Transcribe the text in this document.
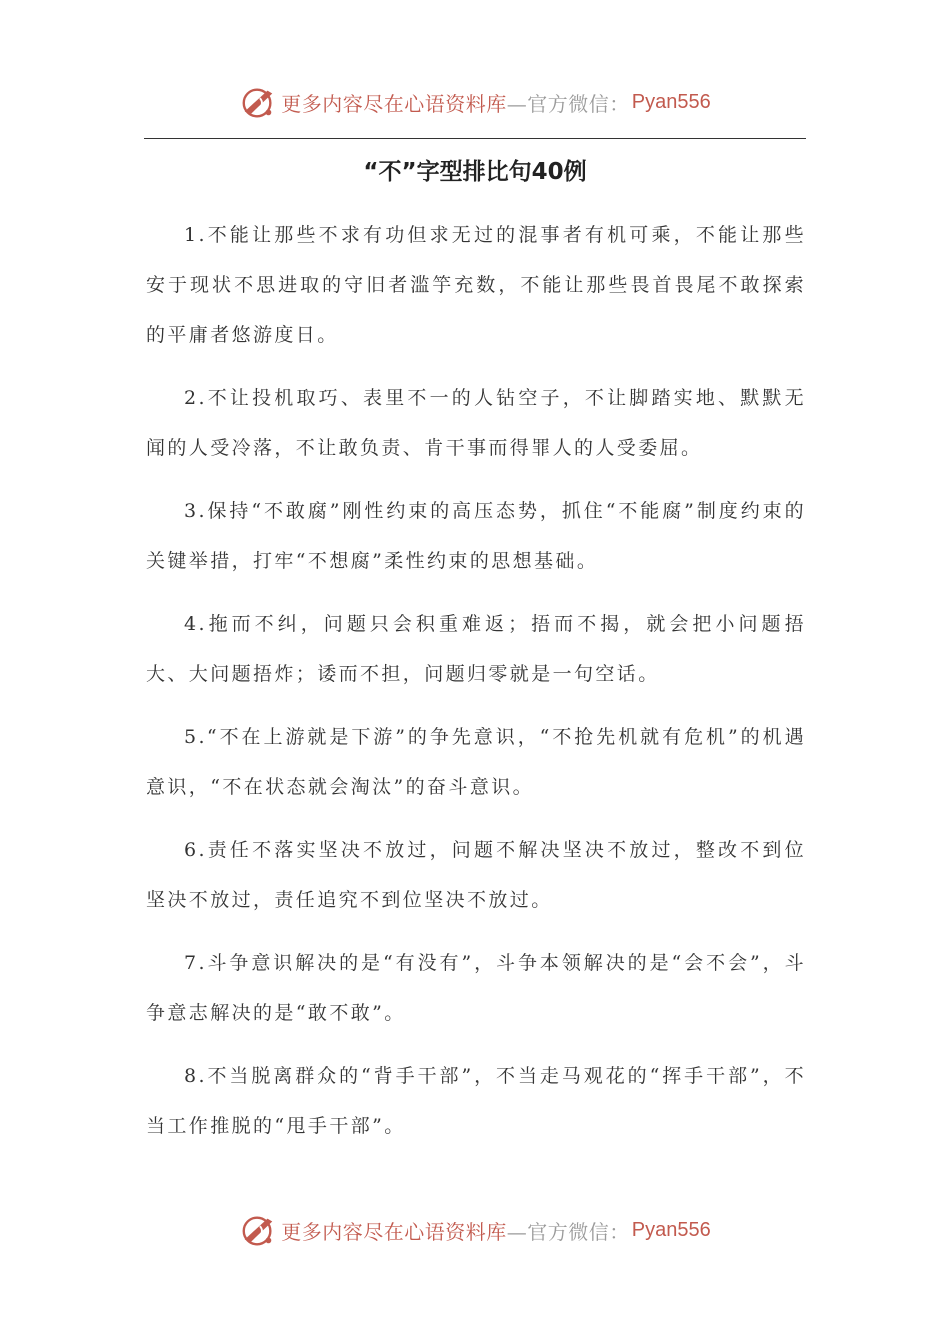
更多内容尽在心语资料库 —官方微信： Pyan556
“不”字型排比句40例

1.不能让那些不求有功但求无过的混事者有机可乘，不能让那些安于现状不思进取的守旧者滥竽充数，不能让那些畏首畏尾不敢探索的平庸者悠游度日。

2.不让投机取巧、表里不一的人钻空子，不让脚踏实地、默默无闻的人受冷落，不让敢负责、肯干事而得罪人的人受委屈。

3.保持“不敢腐”刚性约束的高压态势，抓住“不能腐”制度约束的关键举措，打牢“不想腐”柔性约束的思想基础。

4.拖而不纠，问题只会积重难返；捂而不揭，就会把小问题捂大、大问题捂炸；诿而不担，问题归零就是一句空话。

5.“不在上游就是下游”的争先意识，“不抢先机就有危机”的机遇意识，“不在状态就会淘汰”的奋斗意识。

6.责任不落实坚决不放过，问题不解决坚决不放过，整改不到位坚决不放过，责任追究不到位坚决不放过。

7.斗争意识解决的是“有没有”，斗争本领解决的是“会不会”，斗争意志解决的是“敢不敢”。

8.不当脱离群众的“背手干部”，不当走马观花的“挥手干部”，不当工作推脱的“甩手干部”。

更多内容尽在心语资料库 —官方微信： Pyan556
